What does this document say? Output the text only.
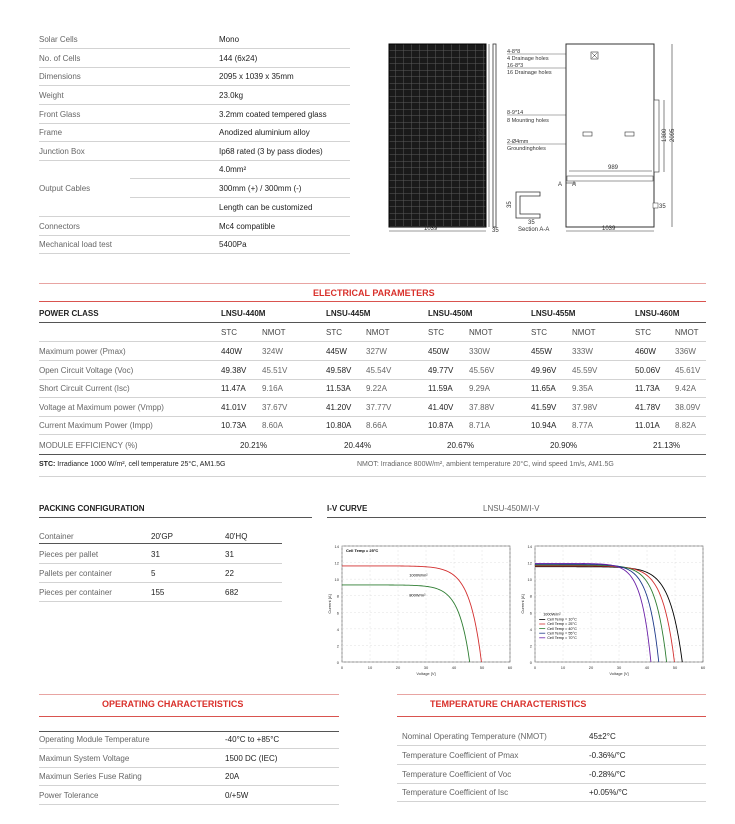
Solar Cells	Mono
No. of Cells	144 (6x24)
Dimensions	2095 x 1039 x 35mm
Weight	23.0kg
Front Glass	3.2mm coated tempered glass
Frame	Anodized aluminium alloy
Junction Box	Ip68 rated (3 by pass diodes)
4.0mm²
Output Cables	300mm (+) / 300mm (-)
Length can be customized
Connectors	Mc4 compatible
Mechanical load test	5400Pa
1039
2095
35
989
1039
1300 2095
35
4-8*8
4 Drainage holes
16-8*3
16 Drainage holes
8-9*14
8 Mounting holes
2-Ø4mm
Groundingholes
A A
35
35
Section A-A
ELECTRICAL PARAMETERS
POWER CLASS	LNSU-440M	LNSU-445M	LNSU-450M	LNSU-455M	LNSU-460M
STC	NMOT	STC	NMOT	STC	NMOT	STC	NMOT	STC	NMOT
Maximum power (Pmax)	440W	324W	445W 327W	450W	330W	455W	333W	460W 336W
Open Circuit Voltage (Voc)	49.38V 45.51V	49.58V 45.54V	49.77V 45.56V	49.96V 45.59V	50.06V 45.61V
Short Circuit Current (Isc)	11.47A 9.16A	11.53A 9.22A	11.59A 9.29A	11.65A 9.35A	11.73A 9.42A
Voltage at Maximum power (Vmpp)	41.01V 37.67V	41.20V 37.77V	41.40V 37.88V	41.59V 37.98V	41.78V 38.09V
Current Maximum Power (Impp)	10.73A 8.60A	10.80A 8.66A	10.87A 8.71A	10.94A 8.77A	11.01A 8.82A
MODULE EFFICIENCY (%)	20.21%	20.44%	20.67%	20.90%	21.13%
STC: Irradiance 1000 W/m², cell temperature 25°C, AM1.5G	NMOT: Irradiance 800W/m², ambient temperature 20°C, wind speed 1m/s, AM1.5G
PACKING CONFIGURATION
Container	20'GP	40'HQ
Pieces per pallet	31	31
Pallets per container	5	22
Pieces per container	155	682
I-V CURVE	LNSU-450M/I-V
0
2
4
6
8
10
12
14
0	10	20	30	40	50	60
Current [A]
Voltage [V]
Cell Temp = 25°C
1000W/m²
800W/m²
0
2
4
6
8
10
12
14
0	10	20	30	40	50	60
Current [A]
Voltage [V]
1000W/m²
Cell Temp = 10°C
Cell Temp = 25°C
Cell Temp = 40°C
Cell Temp = 55°C
Cell Temp = 70°C
OPERATING CHARACTERISTICS	TEMPERATURE CHARACTERISTICS
Operating Module Temperature	-40°C to +85°C
Maximun System Voltage	1500 DC (IEC)
Maximun Series Fuse Rating	20A
Power Tolerance	0/+5W
Nominal Operating Temperature (NMOT)	45±2°C
Temperature Coefficient of Pmax	-0.36%/°C
Temperature Coefficient of Voc	-0.28%/°C
Temperature Coefficient of Isc	+0.05%/°C
